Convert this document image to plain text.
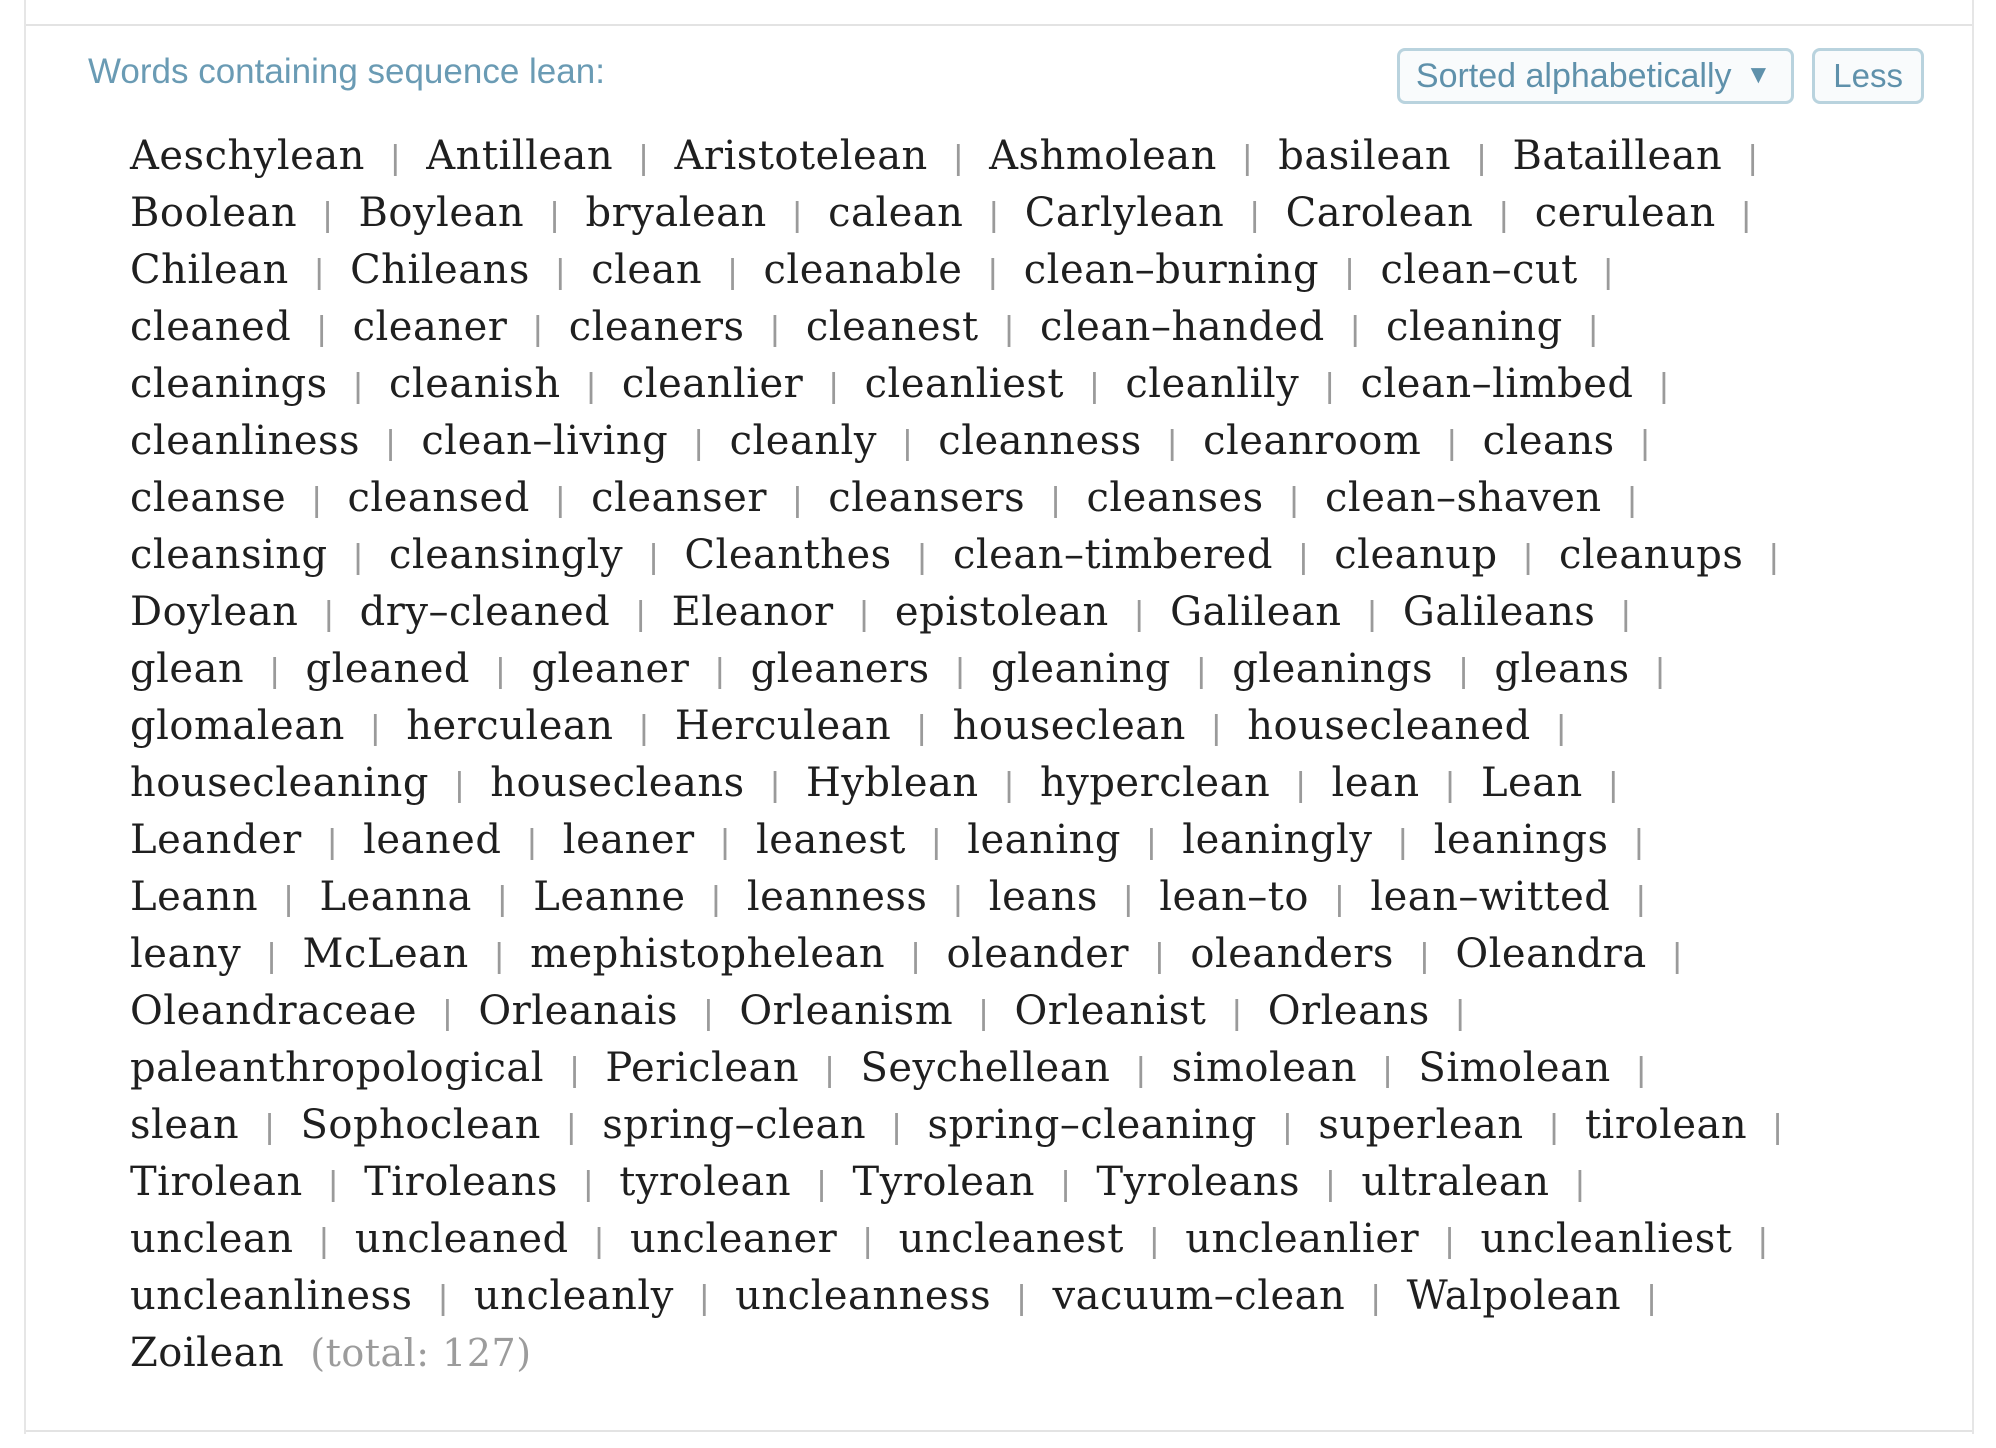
Words containing sequence lean:	Sorted alphabetically ▼	Less
Aeschylean | Antillean | Aristotelean | Ashmolean | basilean | Bataillean |
Boolean | Boylean | bryalean | calean | Carlylean | Carolean | cerulean |
Chilean | Chileans | clean | cleanable | clean–burning | clean–cut |
cleaned | cleaner | cleaners | cleanest | clean–handed | cleaning |
cleanings | cleanish | cleanlier | cleanliest | cleanlily | clean–limbed |
cleanliness | clean–living | cleanly | cleanness | cleanroom | cleans |
cleanse | cleansed | cleanser | cleansers | cleanses | clean–shaven |
cleansing | cleansingly | Cleanthes | clean–timbered | cleanup | cleanups |
Doylean | dry–cleaned | Eleanor | epistolean | Galilean | Galileans |
glean | gleaned | gleaner | gleaners | gleaning | gleanings | gleans |
glomalean | herculean | Herculean | houseclean | housecleaned |
housecleaning | housecleans | Hyblean | hyperclean | lean | Lean |
Leander | leaned | leaner | leanest | leaning | leaningly | leanings |
Leann | Leanna | Leanne | leanness | leans | lean–to | lean–witted |
leany | McLean | mephistophelean | oleander | oleanders | Oleandra |
Oleandraceae | Orleanais | Orleanism | Orleanist | Orleans |
paleanthropological | Periclean | Seychellean | simolean | Simolean |
slean | Sophoclean | spring–clean | spring–cleaning | superlean | tirolean |
Tirolean | Tiroleans | tyrolean | Tyrolean | Tyroleans | ultralean |
unclean | uncleaned | uncleaner | uncleanest | uncleanlier | uncleanliest |
uncleanliness | uncleanly | uncleanness | vacuum–clean | Walpolean |
Zoilean (total: 127)
